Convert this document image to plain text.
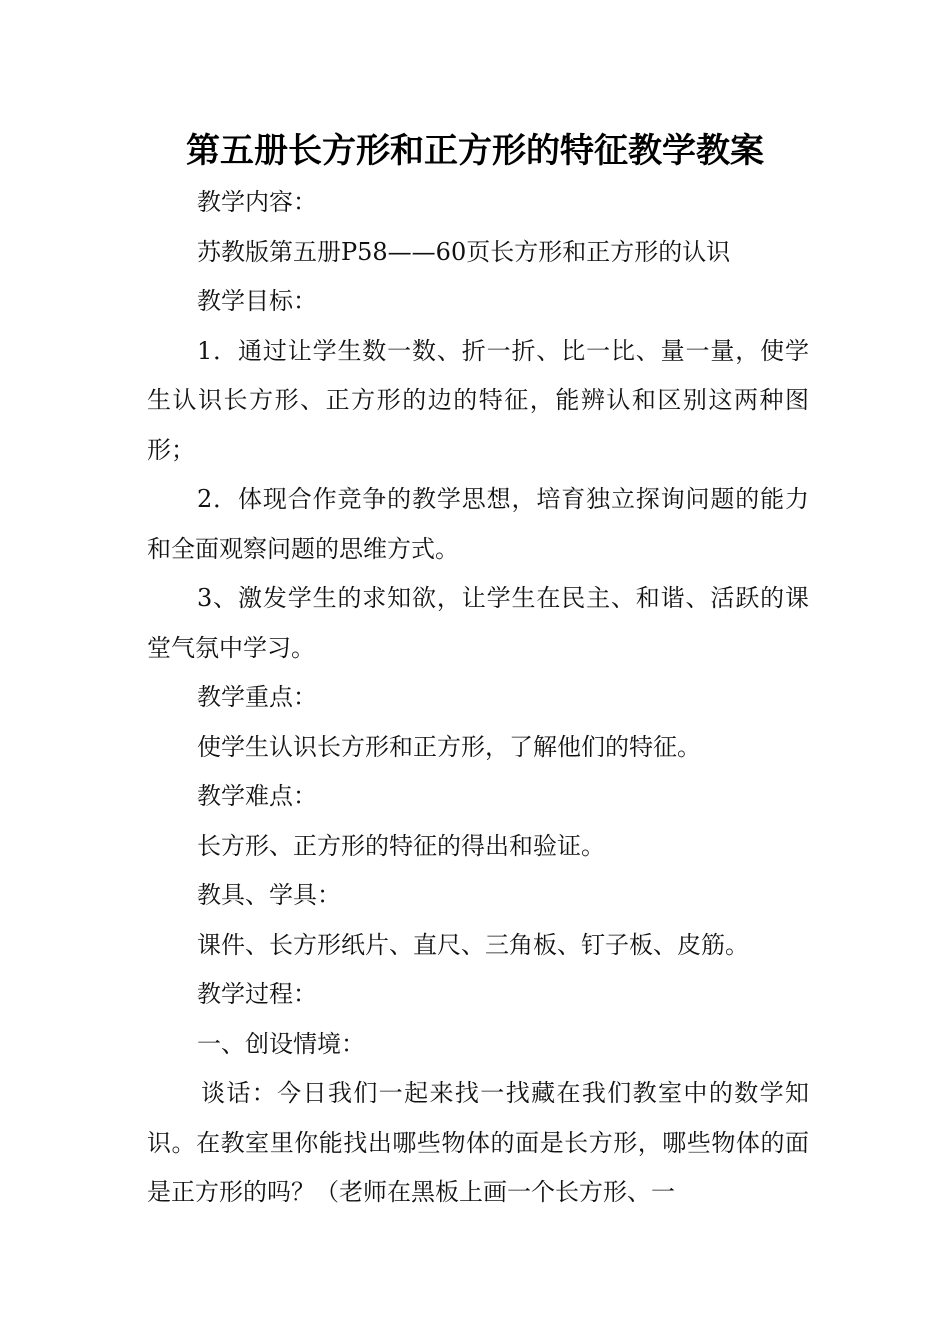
第五册长方形和正方形的特征教学教案

教学内容：

苏教版第五册P58——60页长方形和正方形的认识

教学目标：

1．通过让学生数一数、折一折、比一比、量一量，使学生认识长方形、正方形的边的特征，能辨认和区别这两种图形；

2．体现合作竞争的教学思想，培育独立探询问题的能力和全面观察问题的思维方式。

3、激发学生的求知欲，让学生在民主、和谐、活跃的课堂气氛中学习。

教学重点：

使学生认识长方形和正方形，了解他们的特征。

教学难点：

长方形、正方形的特征的得出和验证。

教具、学具：

课件、长方形纸片、直尺、三角板、钉子板、皮筋。

教学过程：

一、创设情境：

谈话：今日我们一起来找一找藏在我们教室中的数学知识。在教室里你能找出哪些物体的面是长方形，哪些物体的面是正方形的吗？（老师在黑板上画一个长方形、一
